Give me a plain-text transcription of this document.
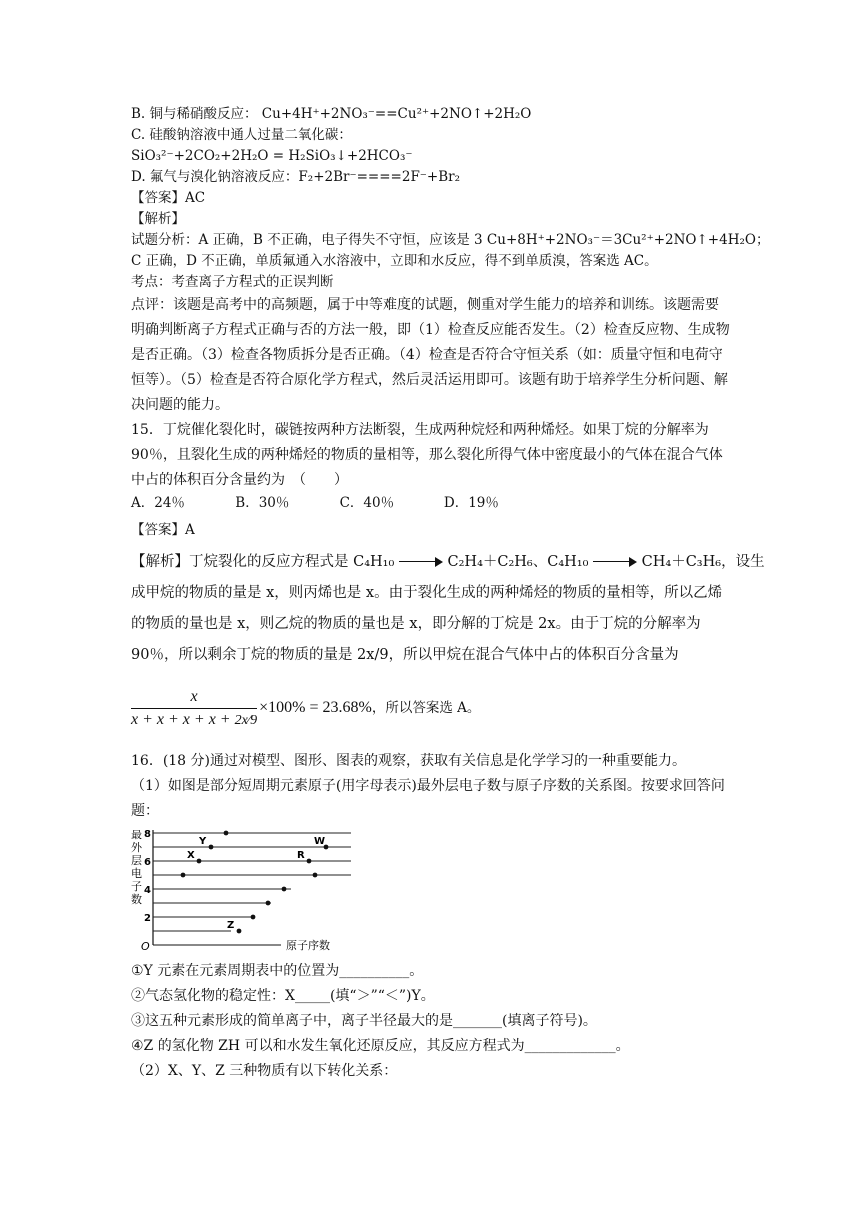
B. 铜与稀硝酸反应： Cu+4H⁺+2NO₃⁻==Cu²⁺+2NO↑+2H₂O
C. 硅酸钠溶液中通人过量二氧化碳：
SiO₃²⁻+2CO₂+2H₂O = H₂SiO₃↓+2HCO₃⁻
D. 氟气与溴化钠溶液反应：F₂+2Br⁻====2F⁻+Br₂
【答案】AC
【解析】
试题分析：A 正确，B 不正确，电子得失不守恒，应该是 3 Cu+8H⁺+2NO₃⁻＝3Cu²⁺+2NO↑+4H₂O；
C 正确，D 不正确，单质氟通入水溶液中，立即和水反应，得不到单质溴，答案选 AC。
考点：考查离子方程式的正误判断
点评：该题是高考中的高频题，属于中等难度的试题，侧重对学生能力的培养和训练。该题需要明确判断离子方程式正确与否的方法一般，即（1）检查反应能否发生。（2）检查反应物、生成物是否正确。（3）检查各物质拆分是否正确。（4）检查是否符合守恒关系（如：质量守恒和电荷守恒等）。（5）检查是否符合原化学方程式，然后灵活运用即可。该题有助于培养学生分析问题、解决问题的能力。
15．丁烷催化裂化时，碳链按两种方法断裂，生成两种烷烃和两种烯烃。如果丁烷的分解率为 90％，且裂化生成的两种烯烃的物质的量相等，那么裂化所得气体中密度最小的气体在混合气体中占的体积百分含量约为　（　　）
A．24％	B．30％	C．40％	D．19％
【答案】A
【解析】丁烷裂化的反应方程式是 C₄H₁₀	C₂H₄＋C₂H₆、C₄H₁₀	CH₄＋C₃H₆，设生
成甲烷的物质的量是 x，则丙烯也是 x。由于裂化生成的两种烯烃的物质的量相等，所以乙烯的物质的量也是 x，则乙烷的物质的量也是 x，即分解的丁烷是 2x。由于丁烷的分解率为 90％，所以剩余丁烷的物质的量是 2x/9，所以甲烷在混合气体中占的体积百分含量为
$\frac{x}{x + x + x + x + 2x⁄9} \times 100\% = 23.68\%$ ，所以答案选 A。
16．(18 分)通过对模型、图形、图表的观察，获取有关信息是化学学习的一种重要能力。
（1）如图是部分短周期元素原子(用字母表示)最外层电子数与原子序数的关系图。按要求回答问题：
O
最
外
层
电
子
数
2
4
6
8
Y	W
X	R
Z
原子序数
①Y 元素在元素周期表中的位置为__________。
②气态氢化物的稳定性：X_____(填“＞”“＜”)Y。
③这五种元素形成的简单离子中，离子半径最大的是_______(填离子符号)。
④Z 的氢化物 ZH 可以和水发生氧化还原反应，其反应方程式为_____________。
（2）X、Y、Z 三种物质有以下转化关系：
